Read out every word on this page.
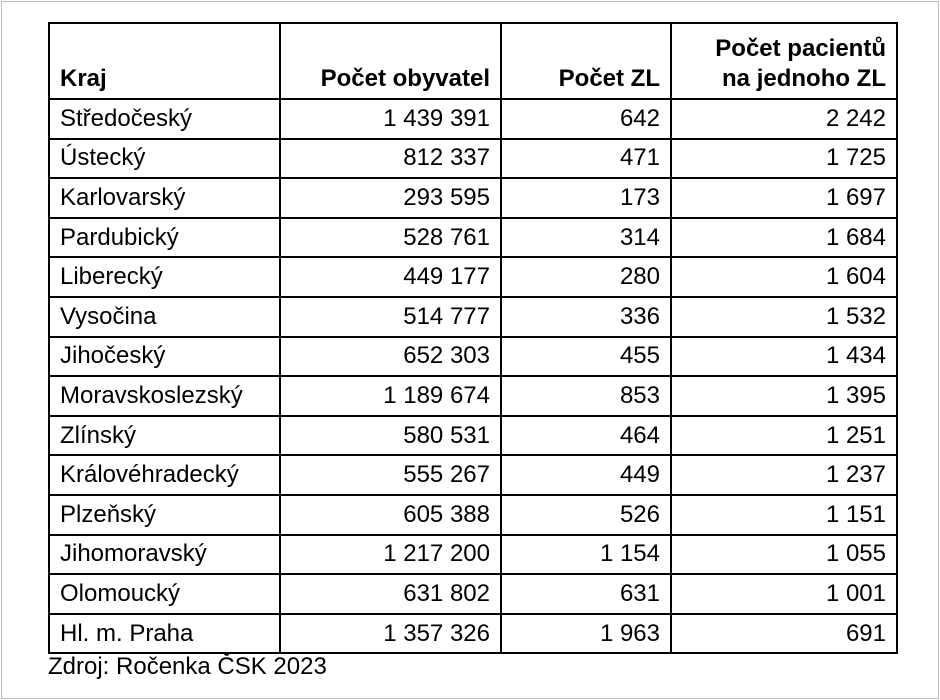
Kraj	Počet obyvatel	Počet ZL	Počet pacientů
na jednoho ZL
Středočeský	1 439 391	642	2 242
Ústecký	812 337	471	1 725
Karlovarský	293 595	173	1 697
Pardubický	528 761	314	1 684
Liberecký	449 177	280	1 604
Vysočina	514 777	336	1 532
Jihočeský	652 303	455	1 434
Moravskoslezský	1 189 674	853	1 395
Zlínský	580 531	464	1 251
Královéhradecký	555 267	449	1 237
Plzeňský	605 388	526	1 151
Jihomoravský	1 217 200	1 154	1 055
Olomoucký	631 802	631	1 001
Hl. m. Praha	1 357 326	1 963	691
Zdroj: Ročenka ČSK 2023
